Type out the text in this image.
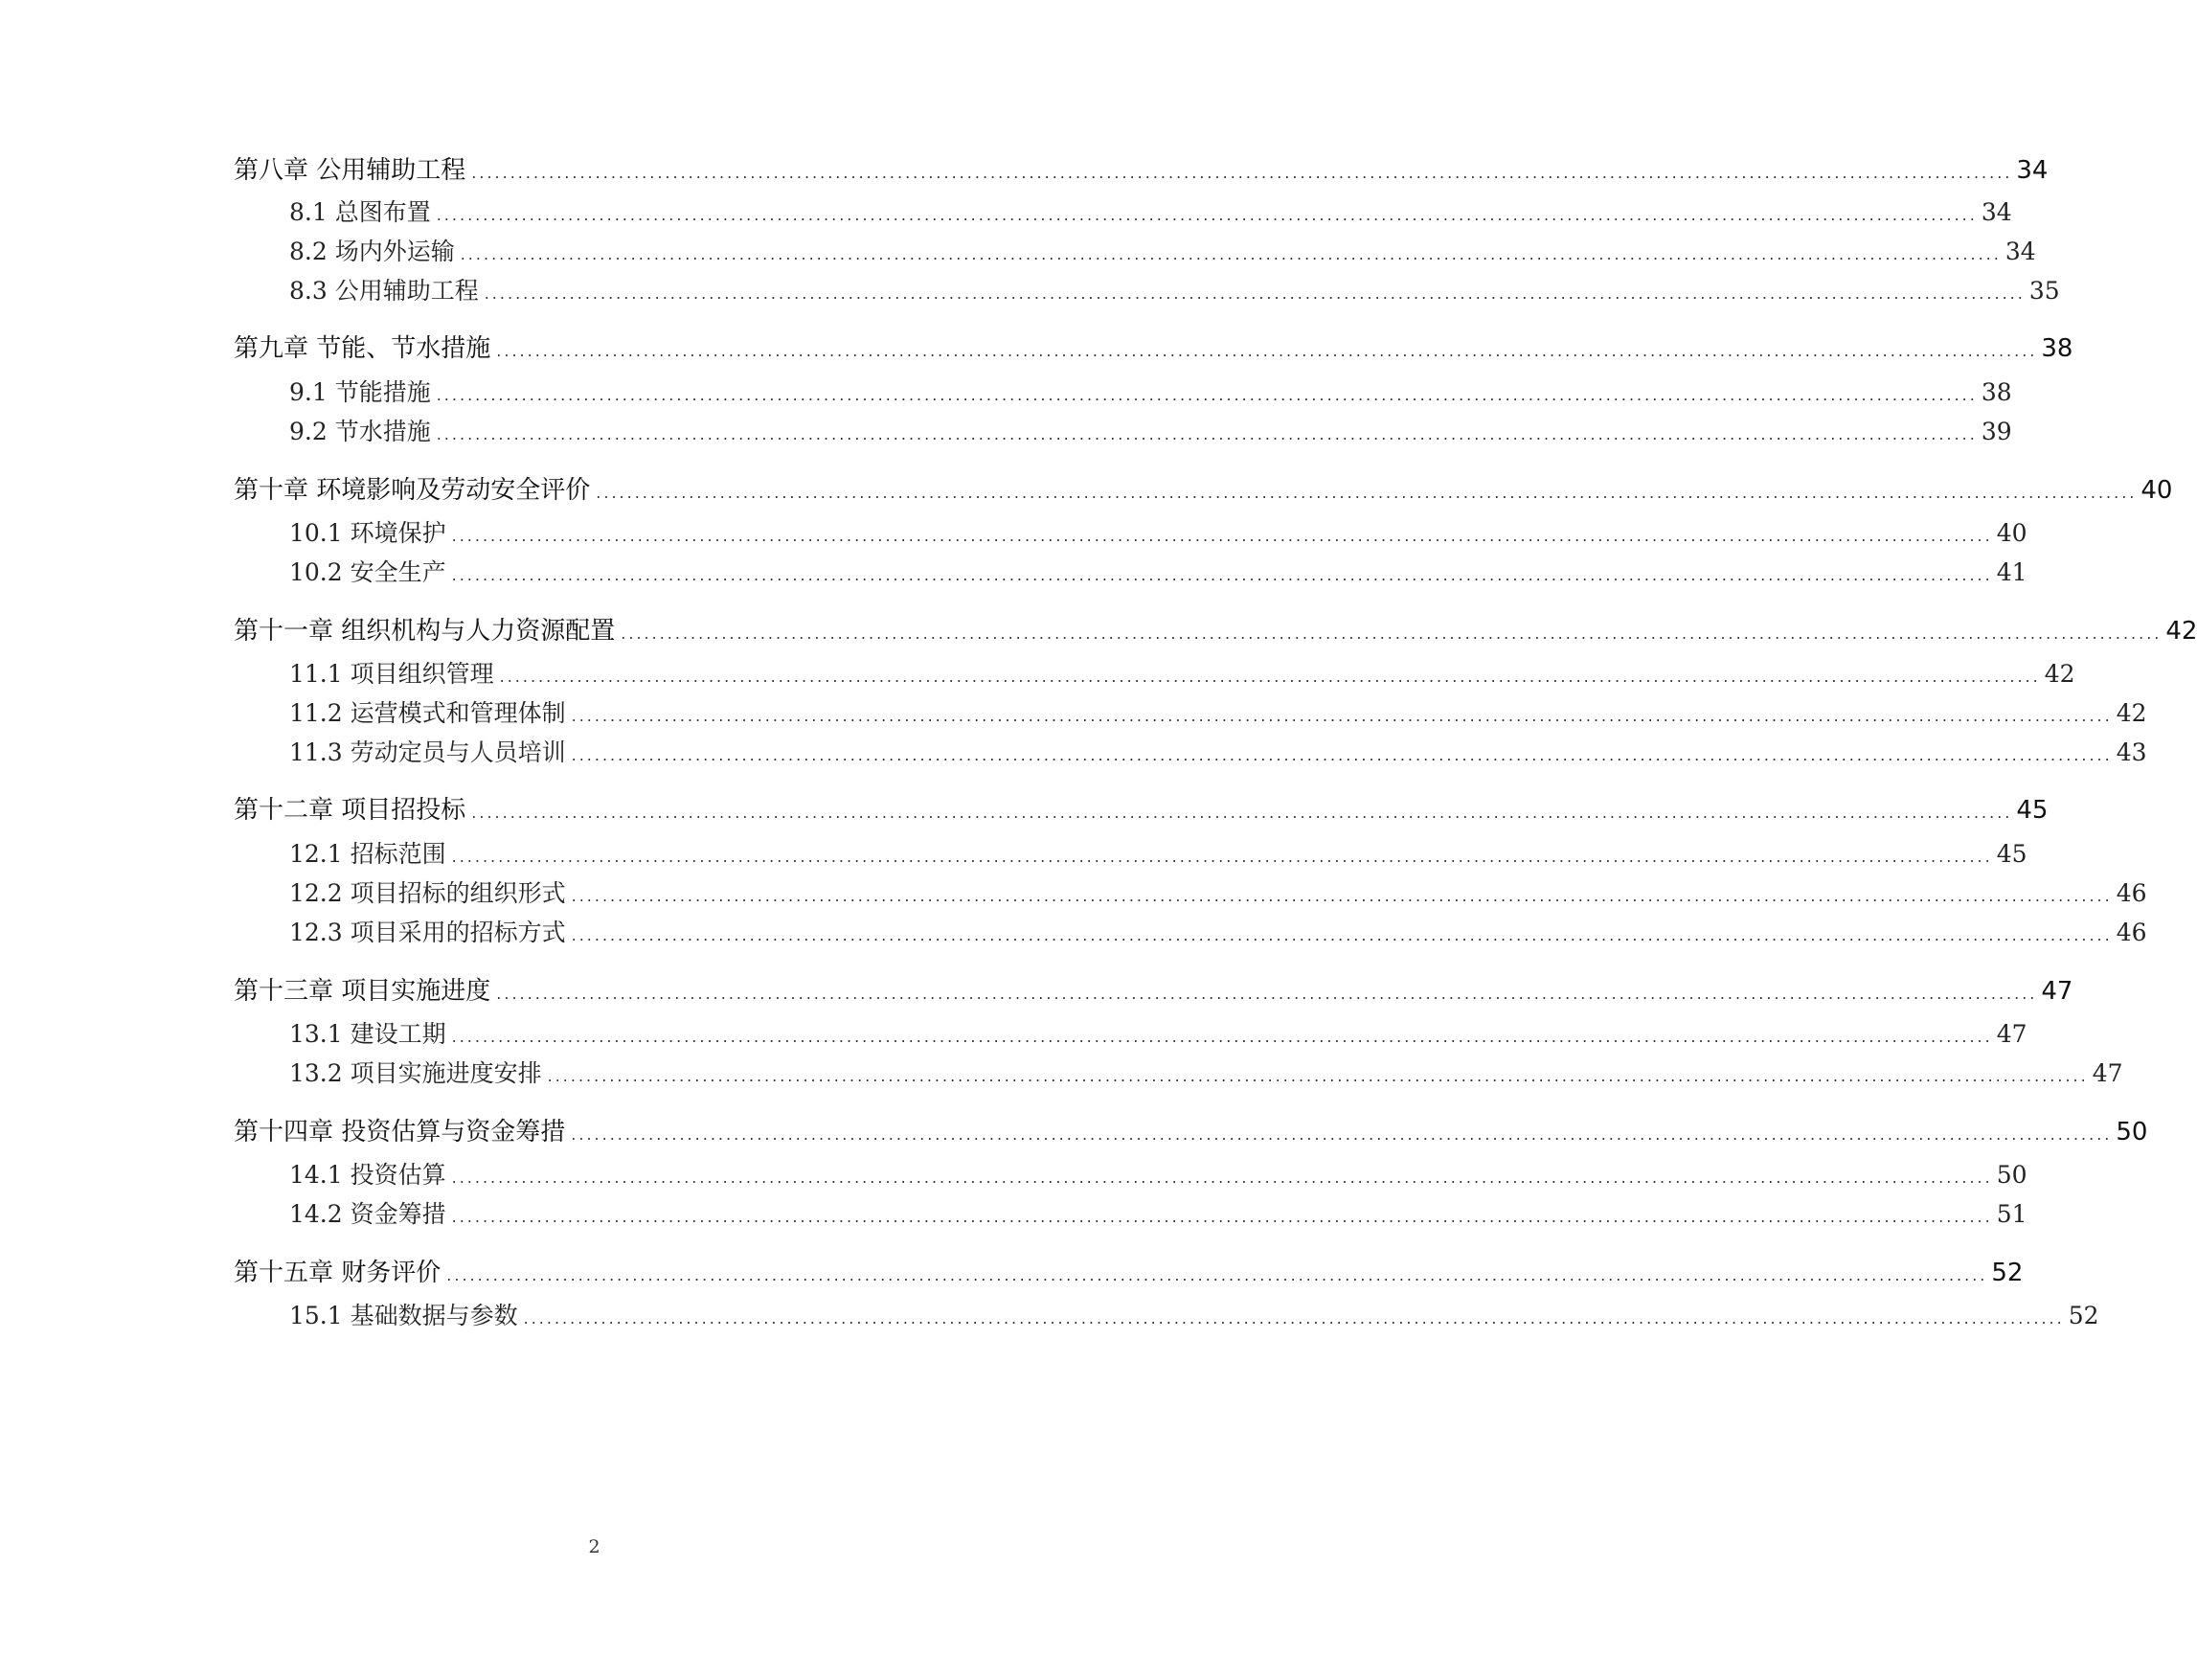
第八章 公用辅助工程 ....................................................................................................................................................................................................... 34
8.1 总图布置 ....................................................................................................................................................................................................... 34
8.2 场内外运输 ....................................................................................................................................................................................................... 34
8.3 公用辅助工程 ....................................................................................................................................................................................................... 35
第九章 节能、节水措施 ....................................................................................................................................................................................................... 38
9.1 节能措施 ....................................................................................................................................................................................................... 38
9.2 节水措施 ....................................................................................................................................................................................................... 39
第十章 环境影响及劳动安全评价 ....................................................................................................................................................................................................... 40
10.1 环境保护 ....................................................................................................................................................................................................... 40
10.2 安全生产 ....................................................................................................................................................................................................... 41
第十一章 组织机构与人力资源配置 ....................................................................................................................................................................................................... 42
11.1 项目组织管理 ....................................................................................................................................................................................................... 42
11.2 运营模式和管理体制 ....................................................................................................................................................................................................... 42
11.3 劳动定员与人员培训 ....................................................................................................................................................................................................... 43
第十二章 项目招投标 ....................................................................................................................................................................................................... 45
12.1 招标范围 ....................................................................................................................................................................................................... 45
12.2 项目招标的组织形式 ....................................................................................................................................................................................................... 46
12.3 项目采用的招标方式 ....................................................................................................................................................................................................... 46
第十三章 项目实施进度 ....................................................................................................................................................................................................... 47
13.1 建设工期 ....................................................................................................................................................................................................... 47
13.2 项目实施进度安排 ....................................................................................................................................................................................................... 47
第十四章 投资估算与资金筹措 ....................................................................................................................................................................................................... 50
14.1 投资估算 ....................................................................................................................................................................................................... 50
14.2 资金筹措 ....................................................................................................................................................................................................... 51
第十五章 财务评价 ....................................................................................................................................................................................................... 52
15.1 基础数据与参数 ....................................................................................................................................................................................................... 52
2
